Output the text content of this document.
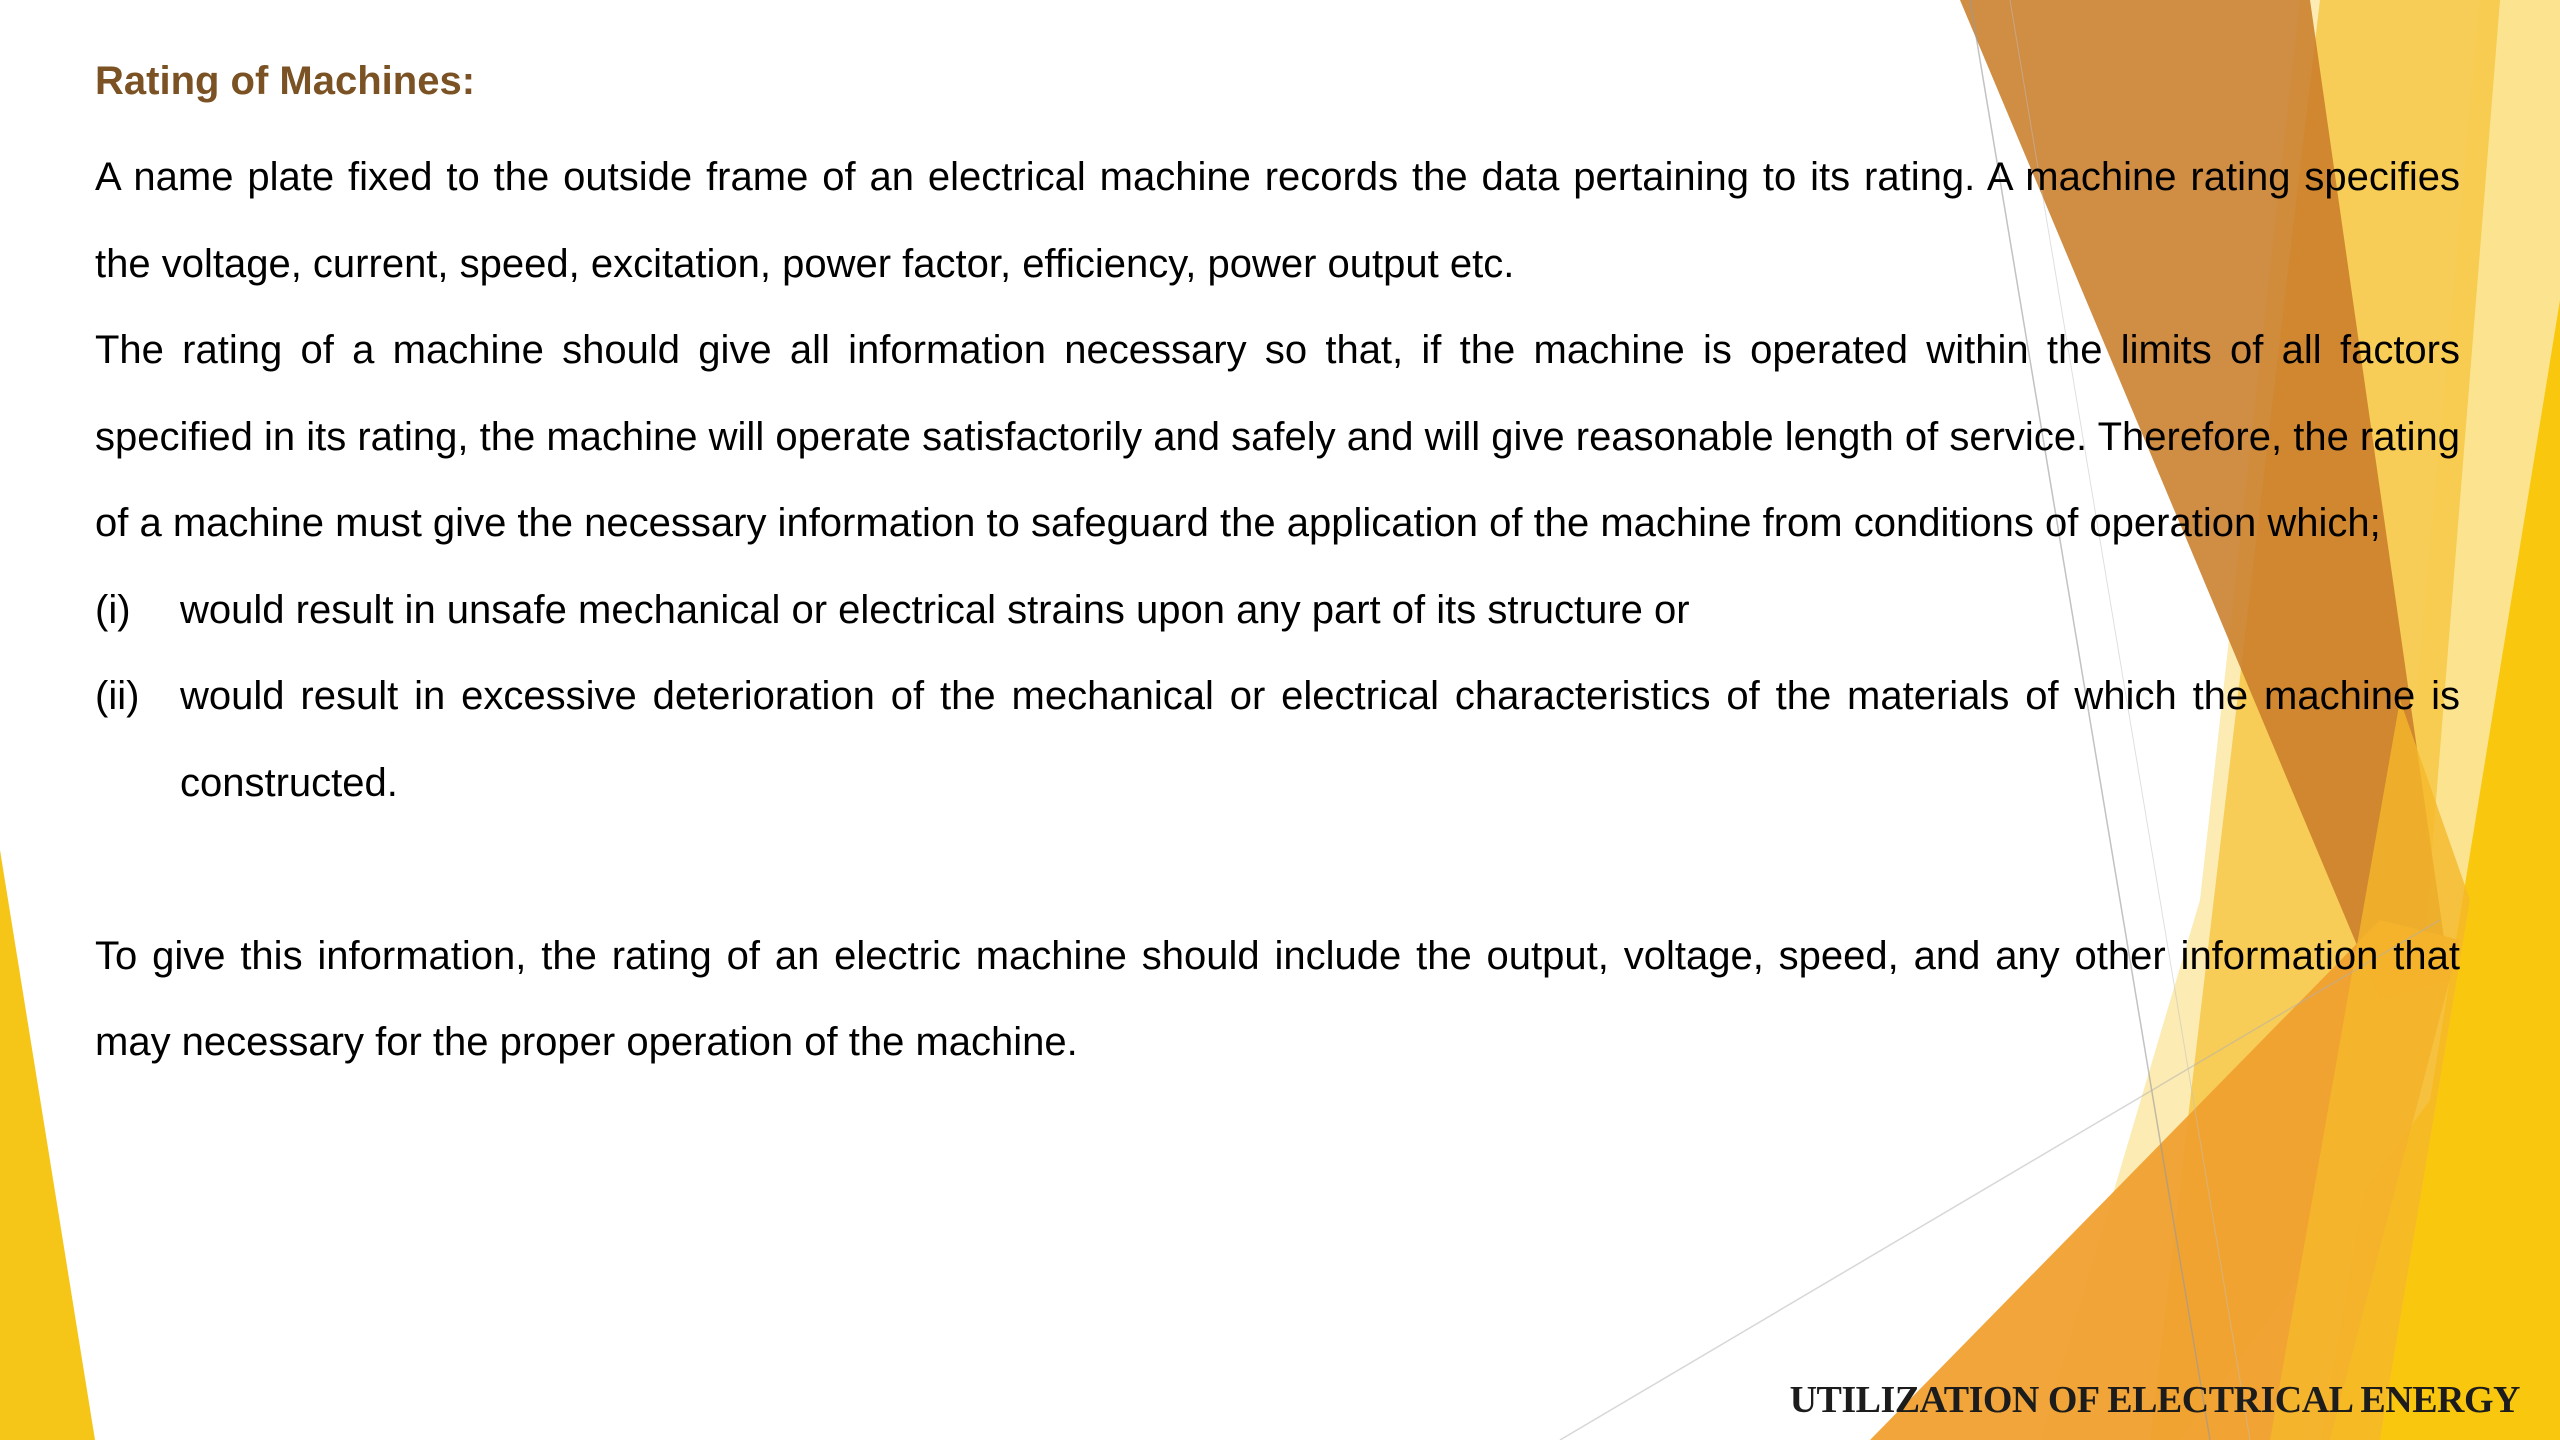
Rating of Machines:

A name plate fixed to the outside frame of an electrical machine records the data pertaining to its rating. A machine rating specifies the voltage, current, speed, excitation, power factor, efficiency, power output etc.

The rating of a machine should give all information necessary so that, if the machine is operated within the limits of all factors specified in its rating, the machine will operate satisfactorily and safely and will give reasonable length of service. Therefore, the rating of a machine must give the necessary information to safeguard the application of the machine from conditions of operation which;

(i)	would result in unsafe mechanical or electrical strains upon any part of its structure or
(ii)	would result in excessive deterioration of the mechanical or electrical characteristics of the materials of which the machine is constructed.

To give this information, the rating of an electric machine should include the output, voltage, speed, and any other information that may necessary for the proper operation of the machine.

UTILIZATION OF ELECTRICAL ENERGY
